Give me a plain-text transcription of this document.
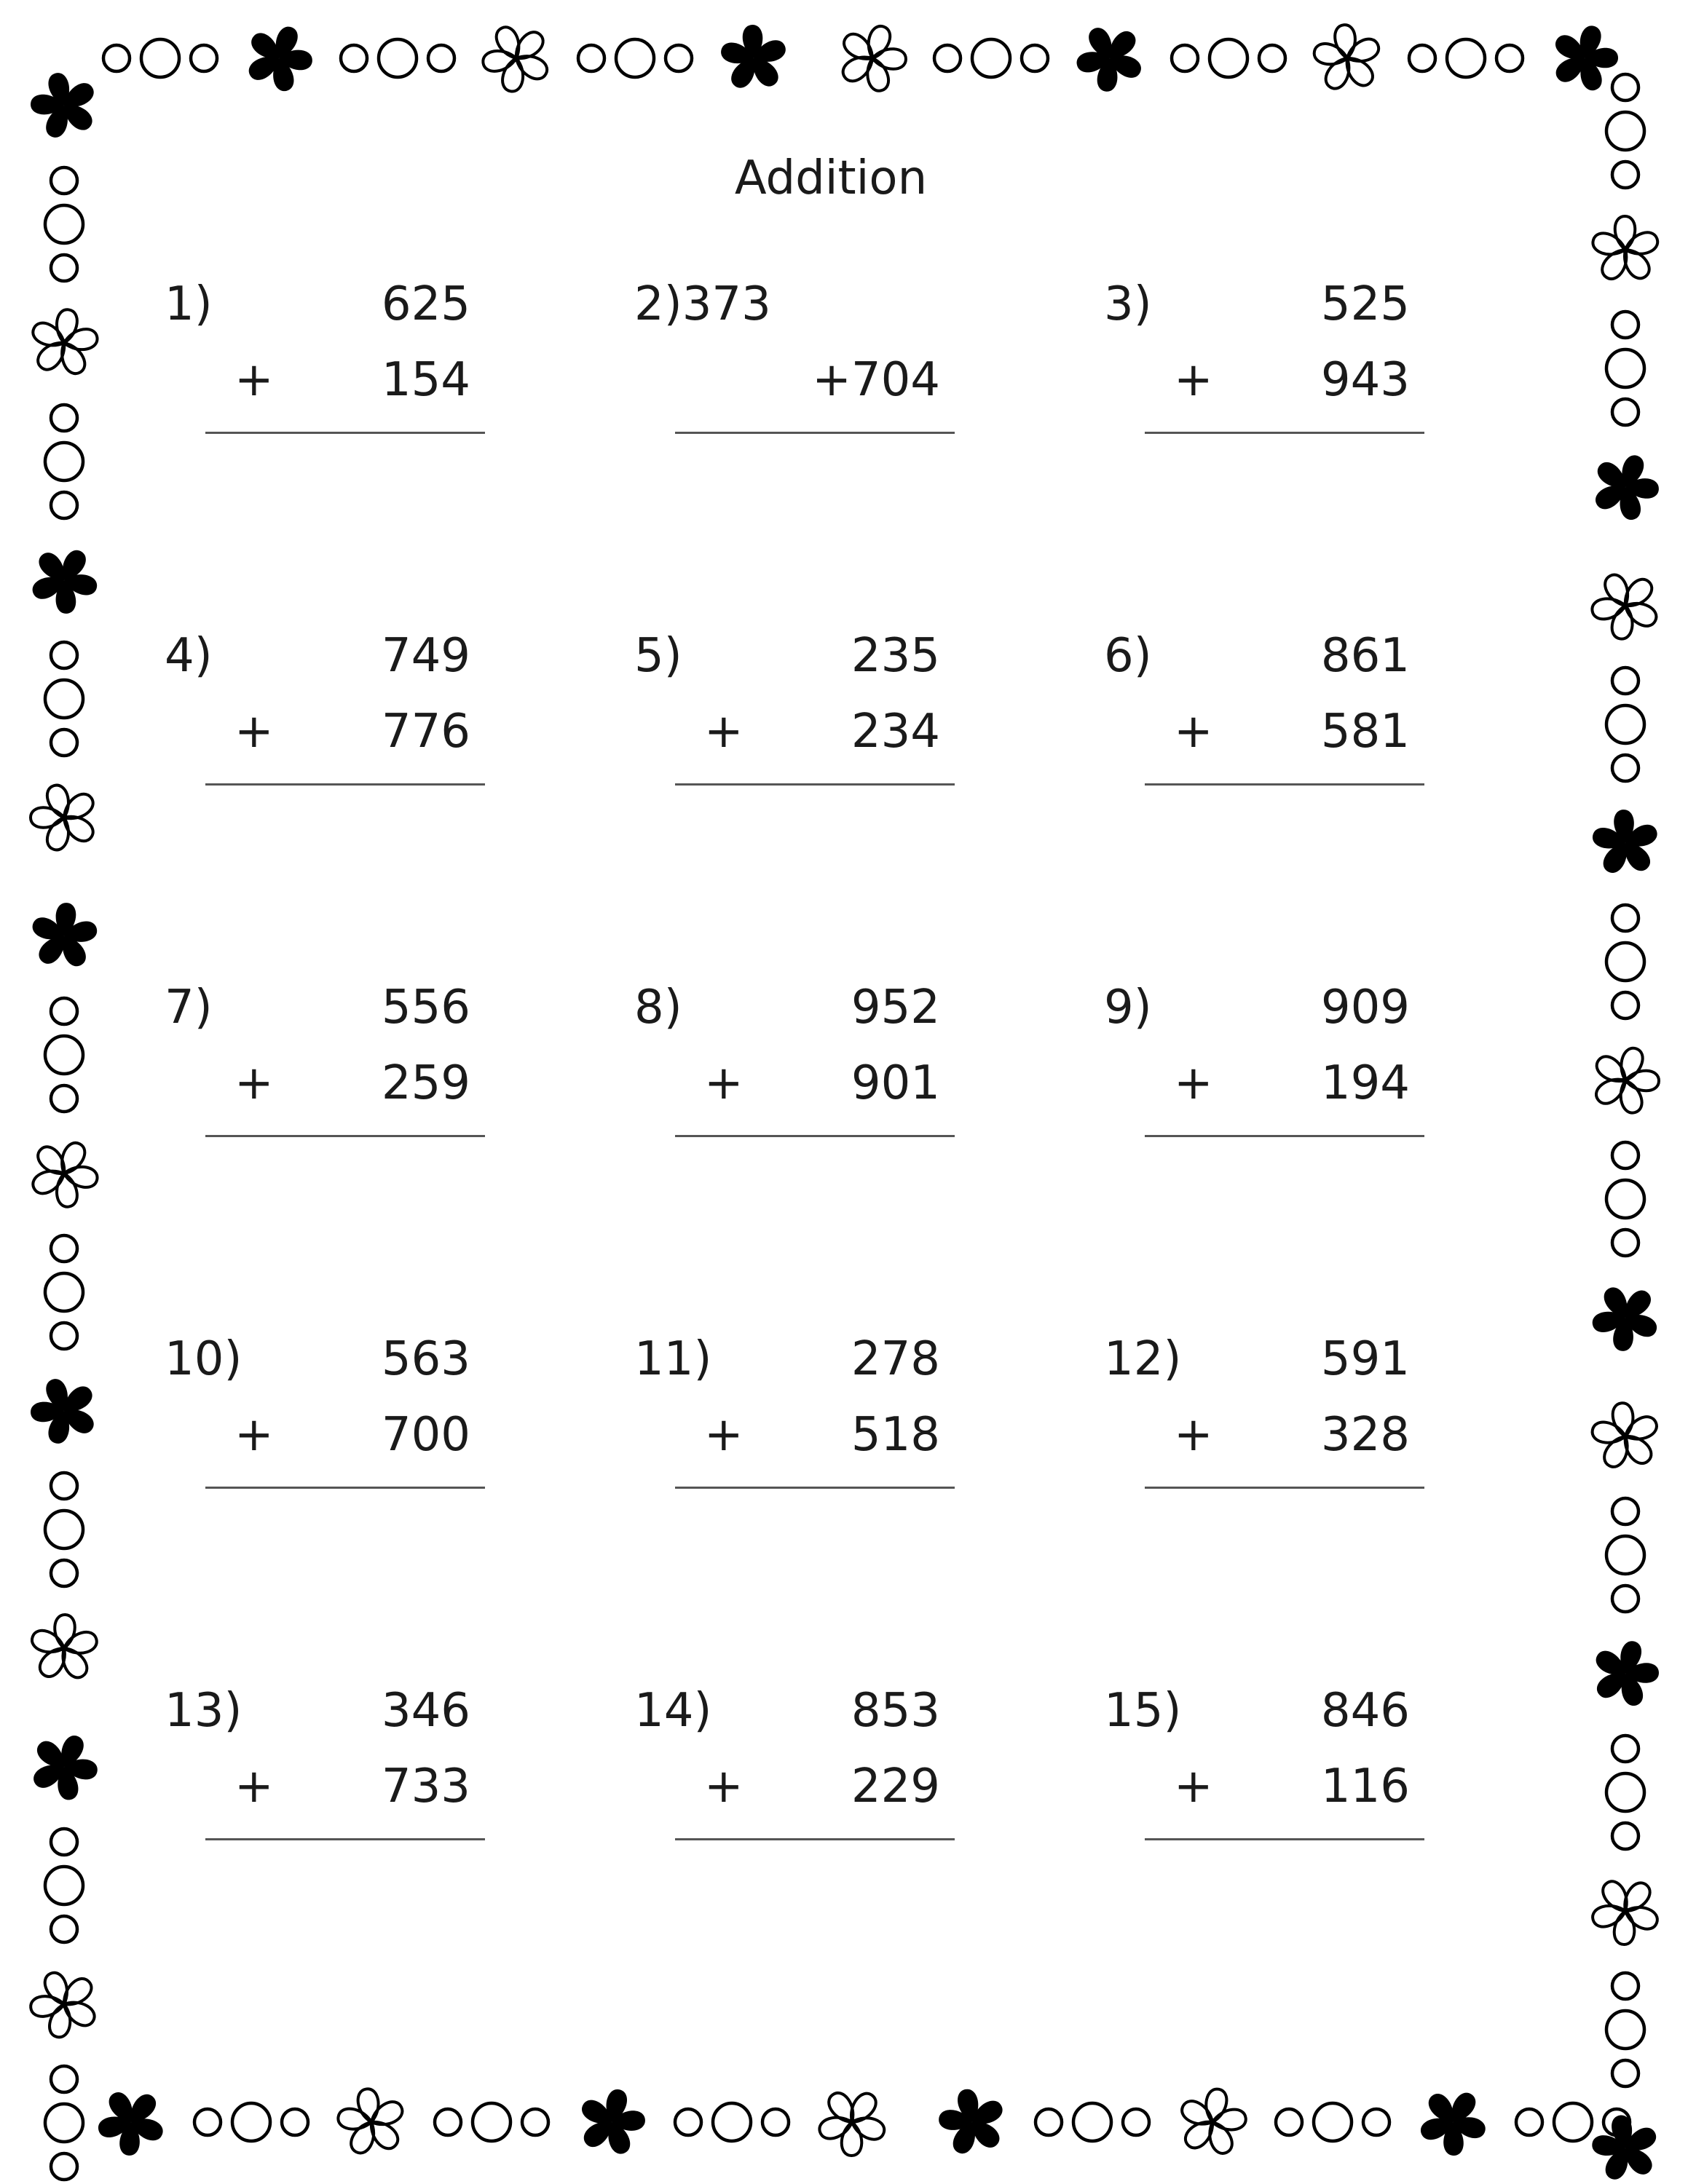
Addition
1)	625
+ 154
2)373
+704
3)	525
+ 943
4)	749
+ 776
5)	235
+ 234
6)	861
+ 581
7)	556
+ 259
8)	952
+ 901
9)	909
+ 194
10)	563
+ 700
11)	278
+ 518
12)	591
+ 328
13)	346
+ 733
14)	853
+ 229
15)	846
+ 116
